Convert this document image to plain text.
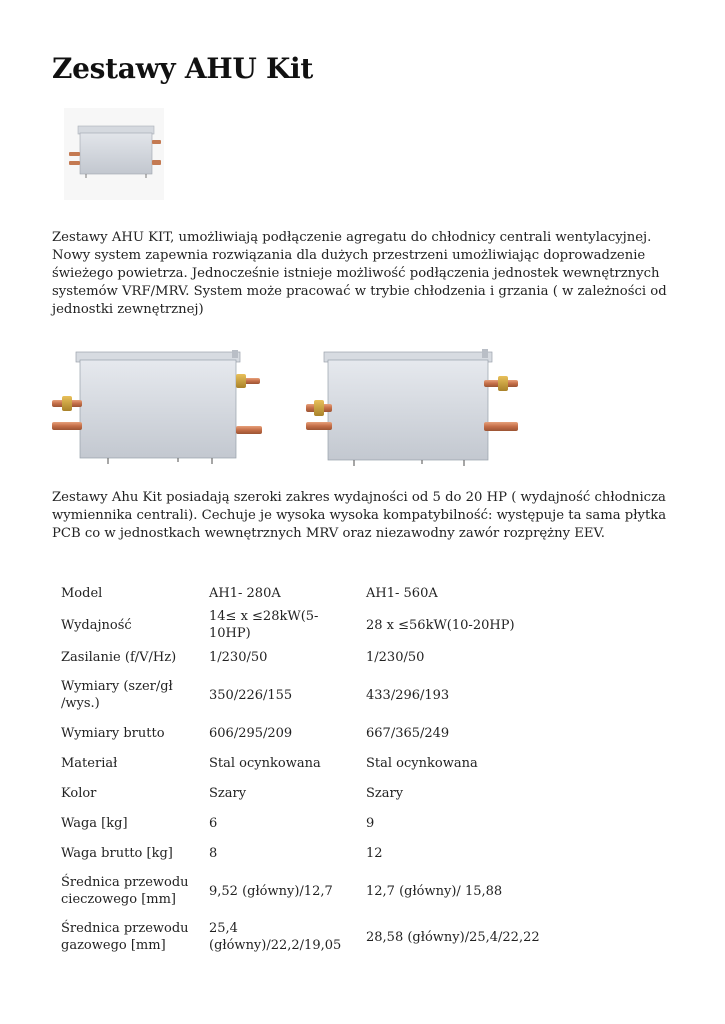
Zestawy AHU Kit

Zestawy AHU KIT, umożliwiają podłączenie agregatu do chłodnicy centrali wentylacyjnej. Nowy system zapewnia rozwiązania dla dużych przestrzeni umożliwiając doprowadzenie świeżego powietrza. Jednocześnie istnieje możliwość podłączenia jednostek wewnętrznych systemów VRF/MRV. System może pracować w trybie chłodzenia i grzania ( w zależności od jednostki zewnętrznej)

Zestawy Ahu Kit posiadają szeroki zakres wydajności od 5 do 20 HP ( wydajność chłodnicza wymiennika centrali). Cechuje je wysoka wysoka kompatybilność: występuje ta sama płytka PCB co w jednostkach wewnętrznych MRV oraz niezawodny zawór rozprężny EEV.

Model	AH1- 280A	AH1- 560A
Wydajność	14≤ x ≤28kW(5-10HP)	28 x ≤56kW(10-20HP)
Zasilanie (f/V/Hz)	1/230/50	1/230/50
Wymiary (szer/gł /wys.)	350/226/155	433/296/193
Wymiary brutto	606/295/209	667/365/249
Materiał	Stal ocynkowana	Stal ocynkowana
Kolor	Szary	Szary
Waga [kg]	6	9
Waga brutto [kg]	8	12
Średnica przewodu cieczowego [mm]	9,52 (główny)/12,7	12,7 (główny)/ 15,88
Średnica przewodu gazowego [mm]	25,4 (główny)/22,2/19,05	28,58 (główny)/25,4/22,22
